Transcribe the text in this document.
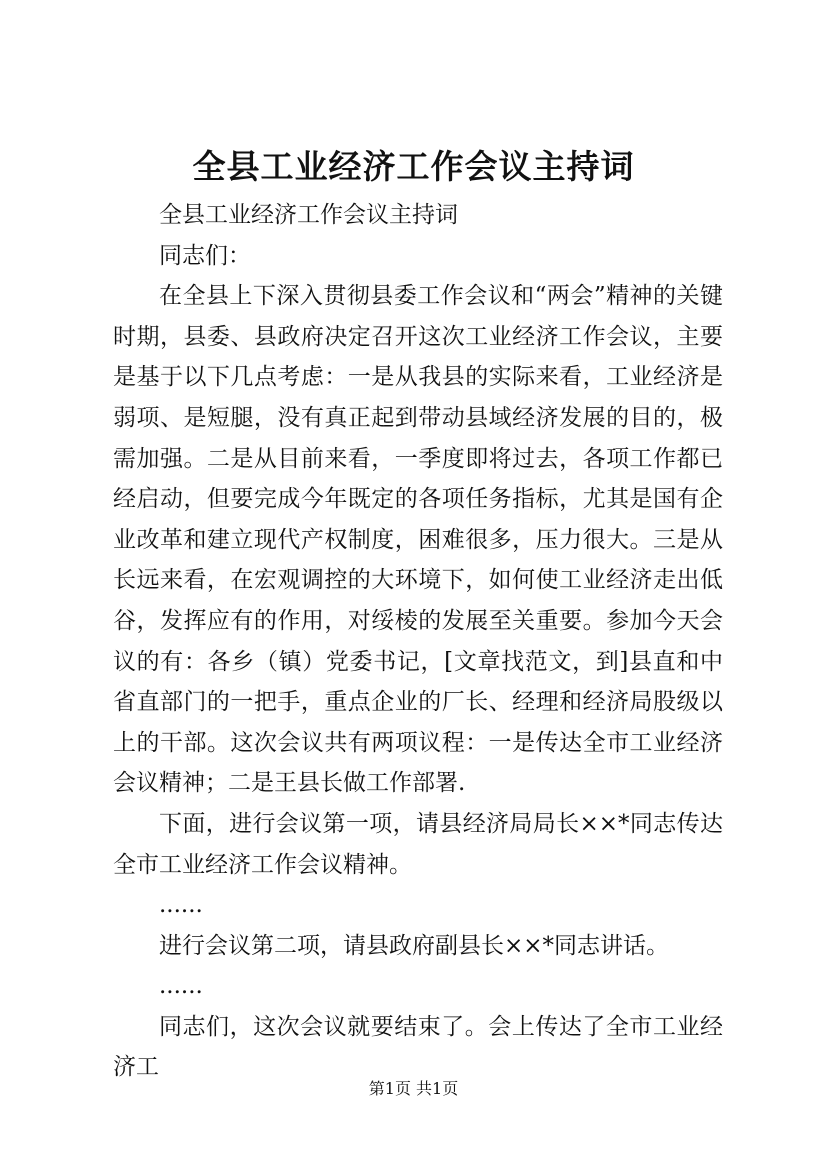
全县工业经济工作会议主持词

全县工业经济工作会议主持词

同志们：

在全县上下深入贯彻县委工作会议和“两会”精神的关键时期，县委、县政府决定召开这次工业经济工作会议，主要是基于以下几点考虑：一是从我县的实际来看，工业经济是弱项、是短腿，没有真正起到带动县域经济发展的目的，极需加强。二是从目前来看，一季度即将过去，各项工作都已经启动，但要完成今年既定的各项任务指标，尤其是国有企业改革和建立现代产权制度，困难很多，压力很大。三是从长远来看，在宏观调控的大环境下，如何使工业经济走出低谷，发挥应有的作用，对绥棱的发展至关重要。参加今天会议的有：各乡（镇）党委书记，[文章找范文，到]县直和中省直部门的一把手，重点企业的厂长、经理和经济局股级以上的干部。这次会议共有两项议程：一是传达全市工业经济会议精神；二是王县长做工作部署.

下面，进行会议第一项，请县经济局局长××*同志传达全市工业经济工作会议精神。

......

进行会议第二项，请县政府副县长××*同志讲话。

......

同志们，这次会议就要结束了。会上传达了全市工业经济工

第1页 共1页
